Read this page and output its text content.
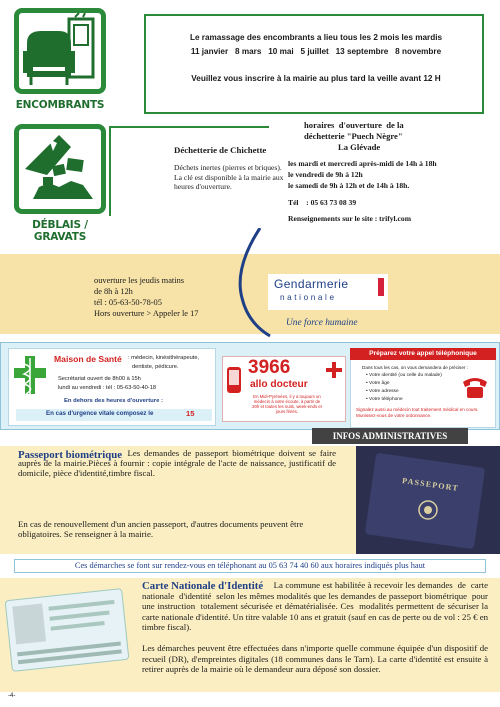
ENCOMBRANTS
Le ramassage des encombrants a lieu tous les 2 mois les mardis
11 janvier   8 mars   10 mai   5 juillet   13 septembre   8 novembre
Veuillez vous inscrire à la mairie au plus tard la veille avant 12 H
DÉBLAIS / GRAVATS
Déchetterie de Chichette
Déchets inertes (pierres et briques). La clé est disponible à la mairie aux heures d'ouverture.
horaires  d'ouverture  de la
déchetterie "Puech Nègre"
La Glévade
les mardi et mercredi après-midi de 14h à 18h
le vendredi de 9h à 12h
le samedi de 9h à 12h et de 14h à 18h.
Tél    : 05 63 73 08 39
Renseignements sur le site : trifyl.com
ouverture les jeudis matins
de 8h à 12h
tél : 05-63-50-78-05
Hors ouverture > Appeler le 17
Gendarmerie
nationale
Une force humaine
Maison de Santé : médecin, kinésithérapeute,
dentiste, pédicure.
Secrétariat ouvert de 8h00 à 15h
lundi au vendredi : tél : 05-63-50-40-18
En dehors des heures d'ouverture :
En cas d'urgence vitale composez le	15
3966
allo docteur
En Midi-Pyrénées, il y a toujours un médecin à votre écoute, à partir de 20h et toutes les nuits, week-ends et jours fériés.
Préparez votre appel téléphonique
Dans tous les cas, on vous demandera de préciser :
• Votre identité (ou celle du malade)
• Votre âge
• Votre adresse
• Votre téléphone
Signalez aussi au médecin tout traitement médical en cours. Munissez-vous de votre ordonnance.
INFOS ADMINISTRATIVES
PASSEPORT
Passeport biométrique Les demandes de passeport biométrique doivent se faire auprès de la mairie.Pièces à fournir : copie intégrale de l'acte de naissance, justificatif de domicile, pièce d'identité,timbre fiscal.
En cas de renouvellement d'un ancien passeport, d'autres documents peuvent être obligatoires. Se renseigner à la mairie.
Ces démarches se font sur rendez-vous en téléphonant au 05 63 74 40 60 aux horaires indiqués plus haut
Carte Nationale d'Identité La commune est habilitée à recevoir les demandes  de  carte  nationale  d'identité  selon les mêmes modalités que les demandes de passeport biométrique  pour  une instruction  totalement sécurisée et dématérialisée. Ces  modalités permettent de sécuriser la carte nationale d'identité. Un titre valable 10 ans et gratuit (sauf en cas de perte ou de vol : 25 € en timbre fiscal).
Les démarches peuvent être effectuées dans n'importe quelle commune équipée d'un dispositif de recueil (DR), d'empreintes digitales (18 communes dans le Tarn). La carte d'identité est ensuite à retirer auprès de la mairie où le demandeur aura déposé son dossier.
-4-
